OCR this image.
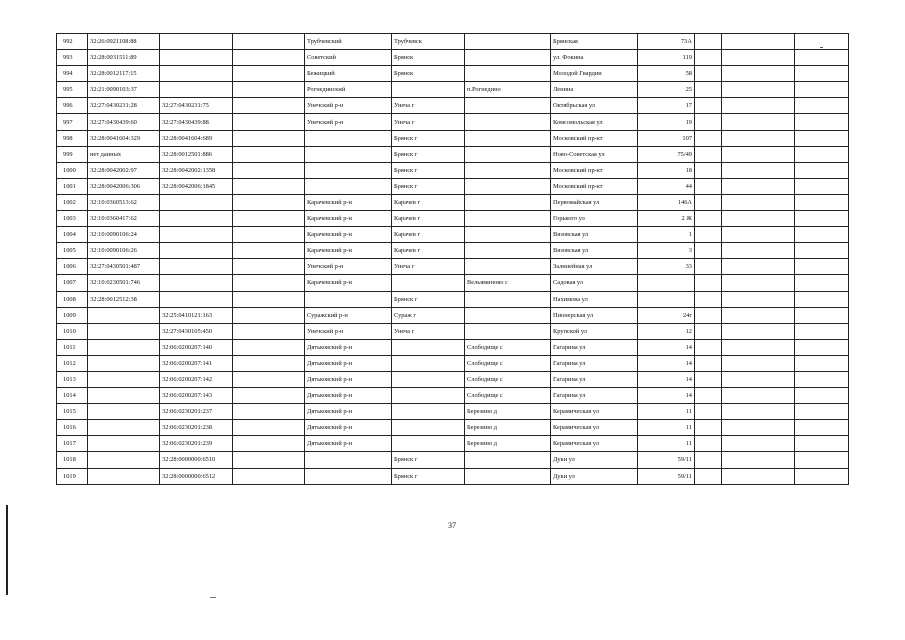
992	32:26:0921108:88			Трубчевский	Трубчевск		Брянская	73А			
993	32:28:0031511:89			Советский	Брянск		ул. Фокина	119			
994	32:28:0012117:15			Бежицкий	Брянск		Молодой Гвардии	58			
995	32:21:0090103:37			Рогнединский		п.Рогнедино	Ленина	25			
996	32:27:0430231:28	32:27:0430231:75		Унечский р-н	Унеча г		Октябрьская ул	17			
997	32:27:0430439:60	32:27:0430439:88		Унечский р-н	Унеча г		Комсомольская ул	19			
998	32:28:0041604:329	32:28:0041604:689			Брянск г		Московский пр-кт	107			
999	нет данных	32:28:0012501:886			Брянск г		Ново-Советская ул	75/49			
1000	32:28:0042002:97	32:28:0042002:1358			Брянск г		Московский пр-кт	18			
1001	32:28:0042006:306	32:28:0042006:1845			Брянск г		Московский пр-кт	44			
1002	32:10:0360513:62			Карачевский р-н	Карачев г		Первомайская ул	146А			
1003	32:10:0360417:62			Карачевский р-н	Карачев г		Горького ул	2 Ж			
1004	32:10:0090106:24			Карачевский р-н	Карачев г		Вязовская ул	1			
1005	32:10:0090106:26			Карачевский р-н	Карачев г		Вязовская ул	3			
1006	32:27:0430501:487			Унечский р-н	Унеча г		Залинейная ул	33			
1007	32:10:0230501:746			Карачевский р-н		Вельяминово с	Садовая ул				
1008	32:28:0012512:38				Брянск г		Нахимова ул				
1009		32:25:0410121:163		Суражский р-н	Сураж г		Пионерская ул	24г			
1010		32:27:0430105:450		Унечский р-н	Унеча г		Крупской ул	12			
1011		32:06:0200207:140		Дятьковский р-н		Слободище с	Гагарина ул	14			
1012		32:06:0200207:141		Дятьковский р-н		Слободище с	Гагарина ул	14			
1013		32:06:0200207:142		Дятьковский р-н		Слободище с	Гагарина ул	14			
1014		32:06:0200207:143		Дятьковский р-н		Слободище с	Гагарина ул	14			
1015		32:06:0230201:237		Дятьковский р-н		Березино д	Керамическая ул	11			
1016		32:06:0230201:238		Дятьковский р-н		Березино д	Керамическая ул	11			
1017		32:06:0230201:239		Дятьковский р-н		Березино д	Керамическая ул	11			
1018		32:28:0000000:6510			Брянск г		Дуки ул	59/11			
1019		32:28:0000000:6512			Брянск г		Дуки ул	59/11			
37
